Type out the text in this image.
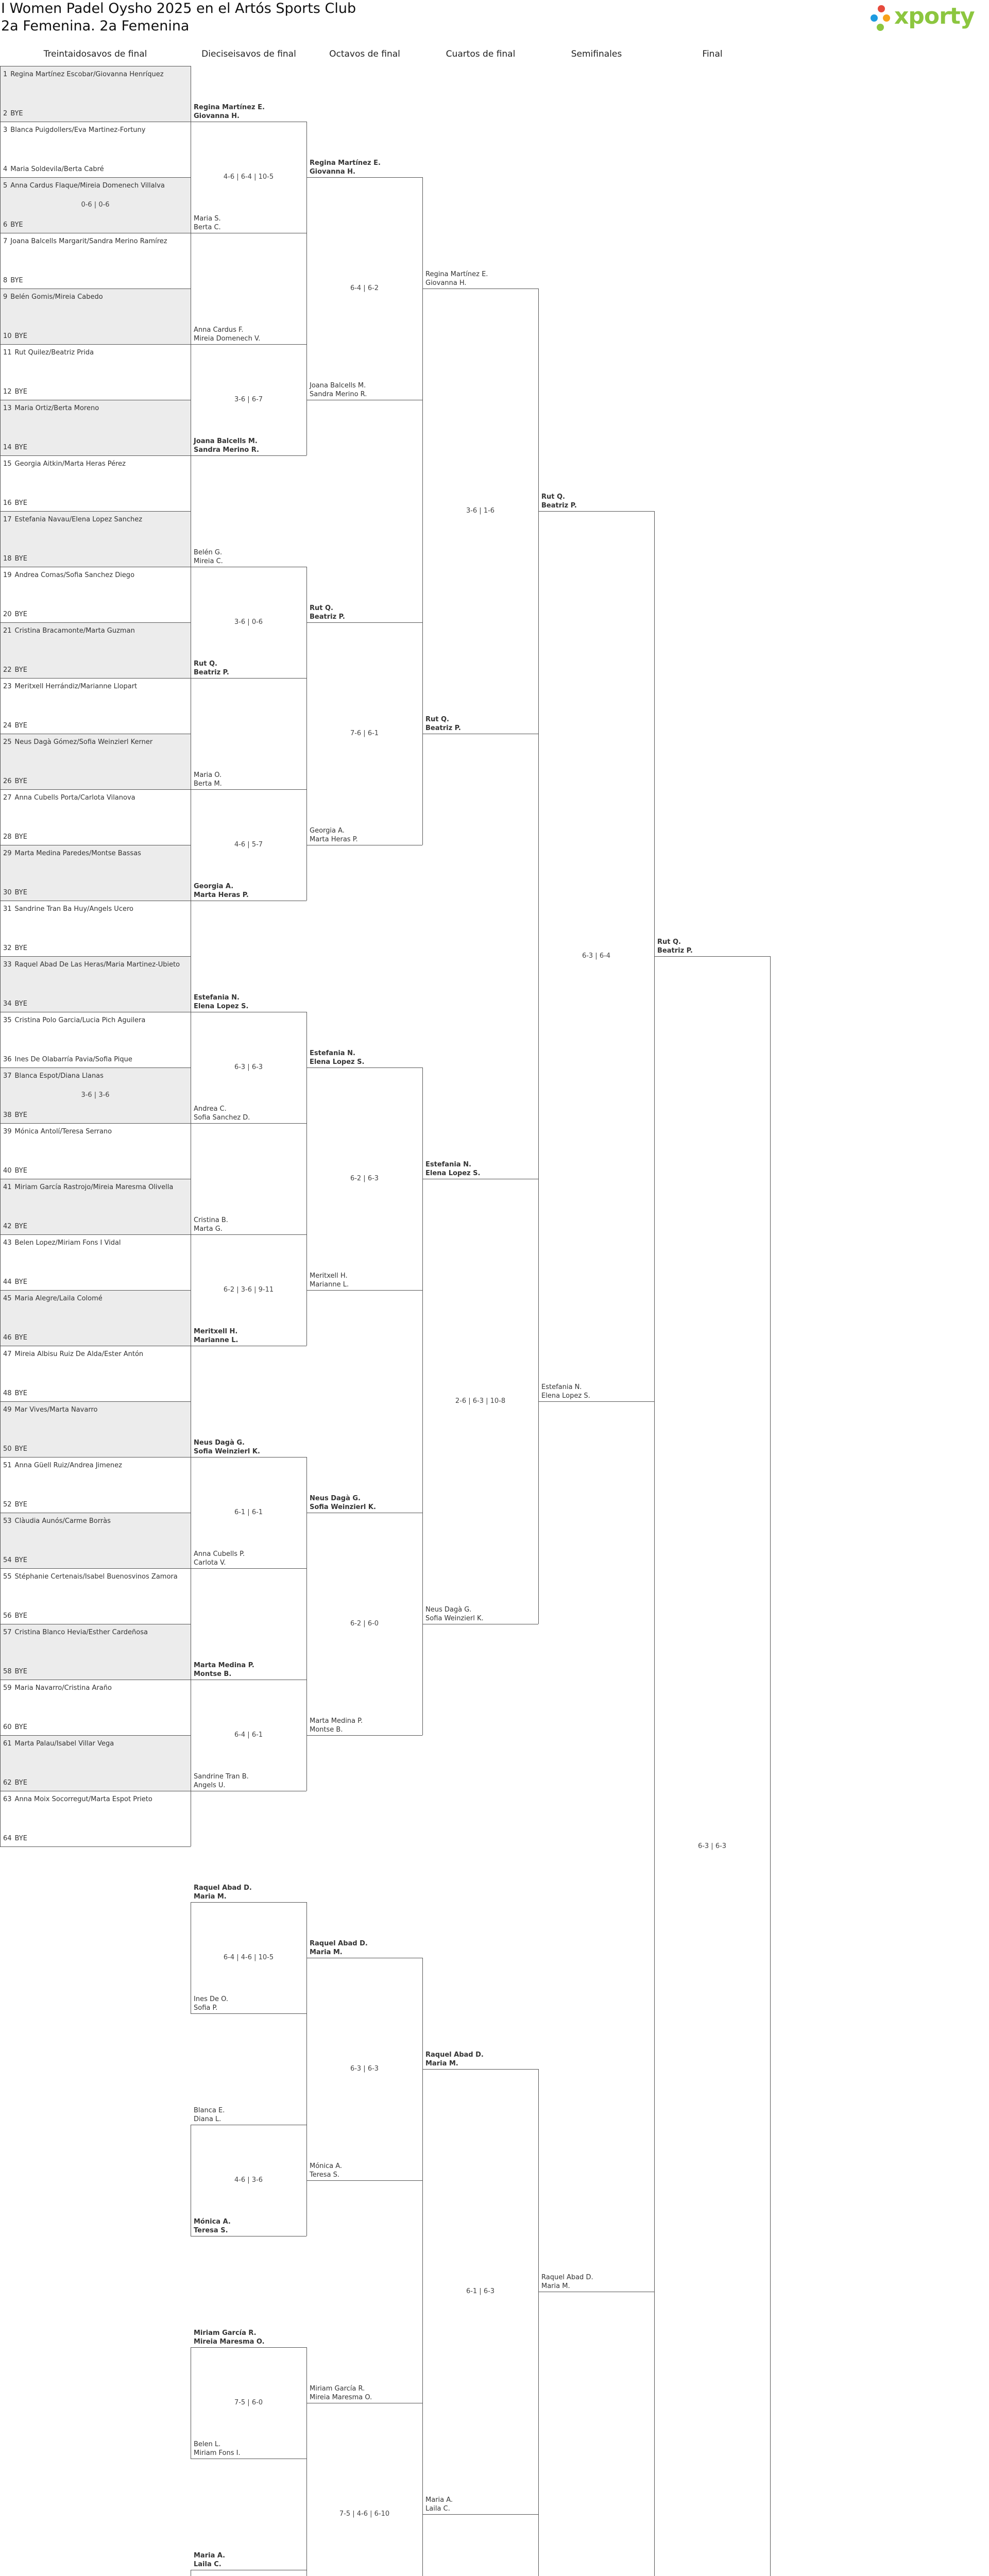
I Women Padel Oysho 2025 en el Artós Sports Club
2a Femenina. 2a Femenina	xporty
Treintaidosavos de final	Dieciseisavos de final	Octavos de final	Cuartos de final	Semifinales	Final
1 Regina Martínez Escobar/Giovanna Henríquez
2 BYE
3 Blanca Puigdollers/Eva Martinez-Fortuny
4 Maria Soldevila/Berta Cabré
5 Anna Cardus Flaque/Mireia Domenech Villalva
6 BYE
7 Joana Balcells Margarit/Sandra Merino Ramírez
8 BYE
9 Belén Gomis/Mireia Cabedo
10 BYE
11 Rut Quilez/Beatriz Prida
12 BYE
13 Maria Ortiz/Berta Moreno
14 BYE
15 Georgia Aitkin/Marta Heras Pérez
16 BYE
17 Estefania Navau/Elena Lopez Sanchez
18 BYE
19 Andrea Comas/Sofia Sanchez Diego
20 BYE
21 Cristina Bracamonte/Marta Guzman
22 BYE
23 Meritxell Herrándiz/Marianne Llopart
24 BYE
25 Neus Dagà Gómez/Sofia Weinzierl Kerner
26 BYE
27 Anna Cubells Porta/Carlota Vilanova
28 BYE
29 Marta Medina Paredes/Montse Bassas
30 BYE
31 Sandrine Tran Ba Huy/Angels Ucero
32 BYE
33 Raquel Abad De Las Heras/Maria Martinez-Ubieto
34 BYE
35 Cristina Polo Garcia/Lucia Pich Aguilera
36 Ines De Olabarría Pavia/Sofia Pique
37 Blanca Espot/Diana Llanas
38 BYE
39 Mónica Antolí/Teresa Serrano
40 BYE
41 Miriam García Rastrojo/Mireia Maresma Olivella
42 BYE
43 Belen Lopez/Miriam Fons I Vidal
44 BYE
45 Maria Alegre/Laila Colomé
46 BYE
47 Mireia Albisu Ruiz De Alda/Ester Antón
48 BYE
49 Mar Vives/Marta Navarro
50 BYE
51 Anna Güell Ruiz/Andrea Jimenez
52 BYE
53 Clàudia Aunós/Carme Borràs
54 BYE
55 Stéphanie Certenais/Isabel Buenosvinos Zamora
56 BYE
57 Cristina Blanco Hevia/Esther Cardeñosa
58 BYE
59 Maria Navarro/Cristina Araño
60 BYE
61 Marta Palau/Isabel Villar Vega
62 BYE
63 Anna Moix Socorregut/Marta Espot Prieto
64 BYE
0-6 | 0-6
3-6 | 3-6
Regina Martínez E.
Giovanna H.
Maria S.
Berta C.
4-6 | 6-4 | 10-5
Anna Cardus F.
Mireia Domenech V.
Joana Balcells M.
Sandra Merino R.
3-6 | 6-7
Belén G.
Mireia C.
Rut Q.
Beatriz P.
3-6 | 0-6
Maria O.
Berta M.
Georgia A.
Marta Heras P.
4-6 | 5-7
Estefania N.
Elena Lopez S.
Andrea C.
Sofia Sanchez D.
6-3 | 6-3
Cristina B.
Marta G.
Meritxell H.
Marianne L.
6-2 | 3-6 | 9-11
Neus Dagà G.
Sofia Weinzierl K.
Anna Cubells P.
Carlota V.
6-1 | 6-1
Marta Medina P.
Montse B.
Sandrine Tran B.
Angels U.
6-4 | 6-1
Raquel Abad D.
Maria M.
Ines De O.
Sofia P.
6-4 | 4-6 | 10-5
Blanca E.
Diana L.
Mónica A.
Teresa S.
4-6 | 3-6
Miriam García R.
Mireia Maresma O.
Belen L.
Miriam Fons I.
7-5 | 6-0
Maria A.
Laila C.
Regina Martínez E.
Giovanna H.
Joana Balcells M.
Sandra Merino R.
6-4 | 6-2
Rut Q.
Beatriz P.
Georgia A.
Marta Heras P.
7-6 | 6-1
Estefania N.
Elena Lopez S.
Meritxell H.
Marianne L.
6-2 | 6-3
Neus Dagà G.
Sofia Weinzierl K.
Marta Medina P.
Montse B.
6-2 | 6-0
Raquel Abad D.
Maria M.
Mónica A.
Teresa S.
6-3 | 6-3
Miriam García R.
Mireia Maresma O.
7-5 | 4-6 | 6-10
Regina Martínez E.
Giovanna H.
Rut Q.
Beatriz P.
3-6 | 1-6
Estefania N.
Elena Lopez S.
Neus Dagà G.
Sofia Weinzierl K.
2-6 | 6-3 | 10-8
Raquel Abad D.
Maria M.
Maria A.
Laila C.
6-1 | 6-3
Rut Q.
Beatriz P.
Estefania N.
Elena Lopez S.
6-3 | 6-4
Raquel Abad D.
Maria M.
Rut Q.
Beatriz P.
6-3 | 6-3
